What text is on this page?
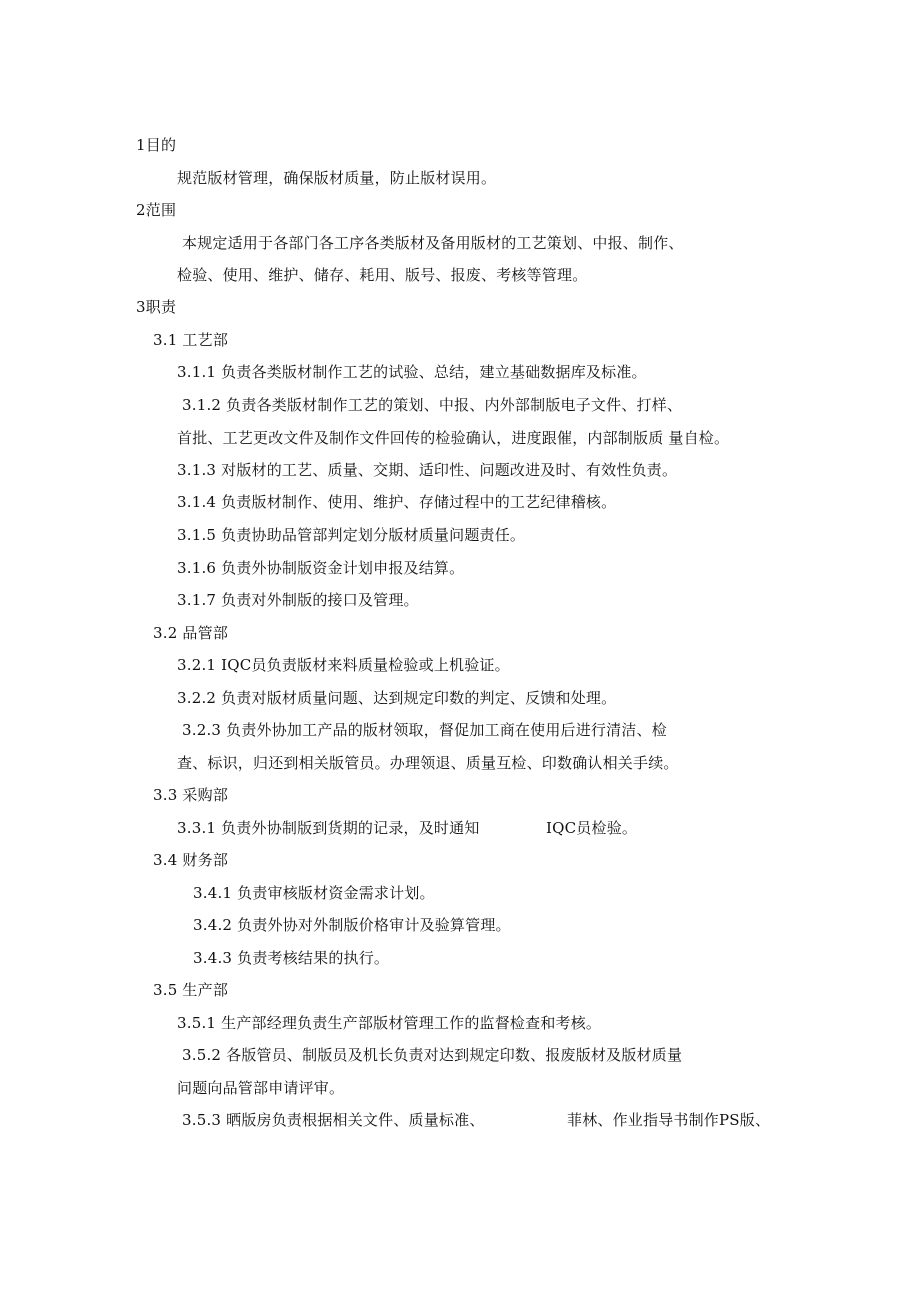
1目的
规范版材管理，确保版材质量，防止版材误用。
2范围
本规定适用于各部门各工序各类版材及备用版材的工艺策划、中报、制作、
检验、使用、维护、储存、耗用、版号、报废、考核等管理。
3职责
3.1 工艺部
3.1.1 负责各类版材制作工艺的试验、总结，建立基础数据库及标准。
3.1.2 负责各类版材制作工艺的策划、中报、内外部制版电子文件、打样、
首批、工艺更改文件及制作文件回传的检验确认，进度跟催，内部制版质 量自检。
3.1.3 对版材的工艺、质量、交期、适印性、问题改进及时、有效性负责。
3.1.4 负责版材制作、使用、维护、存储过程中的工艺纪律稽核。
3.1.5 负责协助品管部判定划分版材质量问题责任。
3.1.6 负责外协制版资金计划申报及结算。
3.1.7 负责对外制版的接口及管理。
3.2 品管部
3.2.1 IQC员负责版材来料质量检验或上机验证。
3.2.2 负责对版材质量问题、达到规定印数的判定、反馈和处理。
3.2.3 负责外协加工产品的版材领取，督促加工商在使用后进行清洁、检
查、标识，归还到相关版管员。办理领退、质量互检、印数确认相关手续。
3.3 采购部
3.3.1 负责外协制版到货期的记录，及时通知	IQC员检验。
3.4 财务部
3.4.1 负责审核版材资金需求计划。
3.4.2 负责外协对外制版价格审计及验算管理。
3.4.3 负责考核结果的执行。
3.5 生产部
3.5.1 生产部经理负责生产部版材管理工作的监督检查和考核。
3.5.2 各版管员、制版员及机长负责对达到规定印数、报废版材及版材质量
问题向品管部申请评审。
3.5.3 晒版房负责根据相关文件、质量标准、	菲林、作业指导书制作PS版、
